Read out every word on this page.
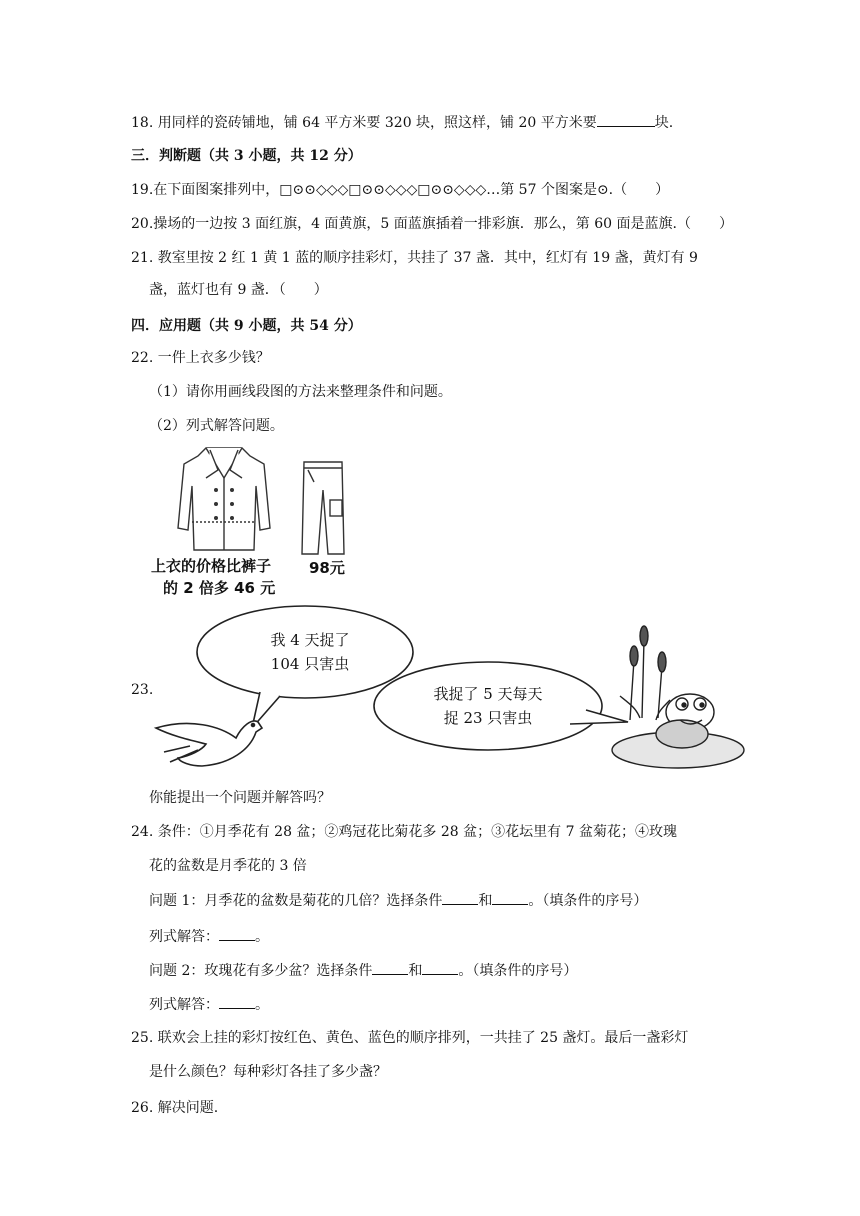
18. 用同样的瓷砖铺地，铺 64 平方米要 320 块，照这样，铺 20 平方米要	块.
三．判断题（共 3 小题，共 12 分）
19.在下面图案排列中，□⊙⊙◇◇◇□⊙⊙◇◇◇□⊙⊙◇◇◇…第 57 个图案是⊙.（　　）
20.操场的一边按 3 面红旗，4 面黄旗，5 面蓝旗插着一排彩旗．那么，第 60 面是蓝旗.（　　）
21. 教室里按 2 红 1 黄 1 蓝的顺序挂彩灯，共挂了 37 盏．其中，红灯有 19 盏，黄灯有 9
盏，蓝灯也有 9 盏．（　　）
四．应用题（共 9 小题，共 54 分）
22. 一件上衣多少钱？
（1）请你用画线段图的方法来整理条件和问题。
（2）列式解答问题。
上衣的价格比裤子
的 2 倍多 46 元
98元
23.
我 4 天捉了
104 只害虫
我捉了 5 天每天
捉 23 只害虫
你能提出一个问题并解答吗？
24. 条件：①月季花有 28 盆；②鸡冠花比菊花多 28 盆；③花坛里有 7 盆菊花；④玫瑰
花的盆数是月季花的 3 倍
问题 1：月季花的盆数是菊花的几倍？选择条件	和	。（填条件的序号）
列式解答：	。
问题 2：玫瑰花有多少盆？选择条件	和	。（填条件的序号）
列式解答：	。
25. 联欢会上挂的彩灯按红色、黄色、蓝色的顺序排列，一共挂了 25 盏灯。最后一盏彩灯
是什么颜色？每种彩灯各挂了多少盏？
26. 解决问题.
